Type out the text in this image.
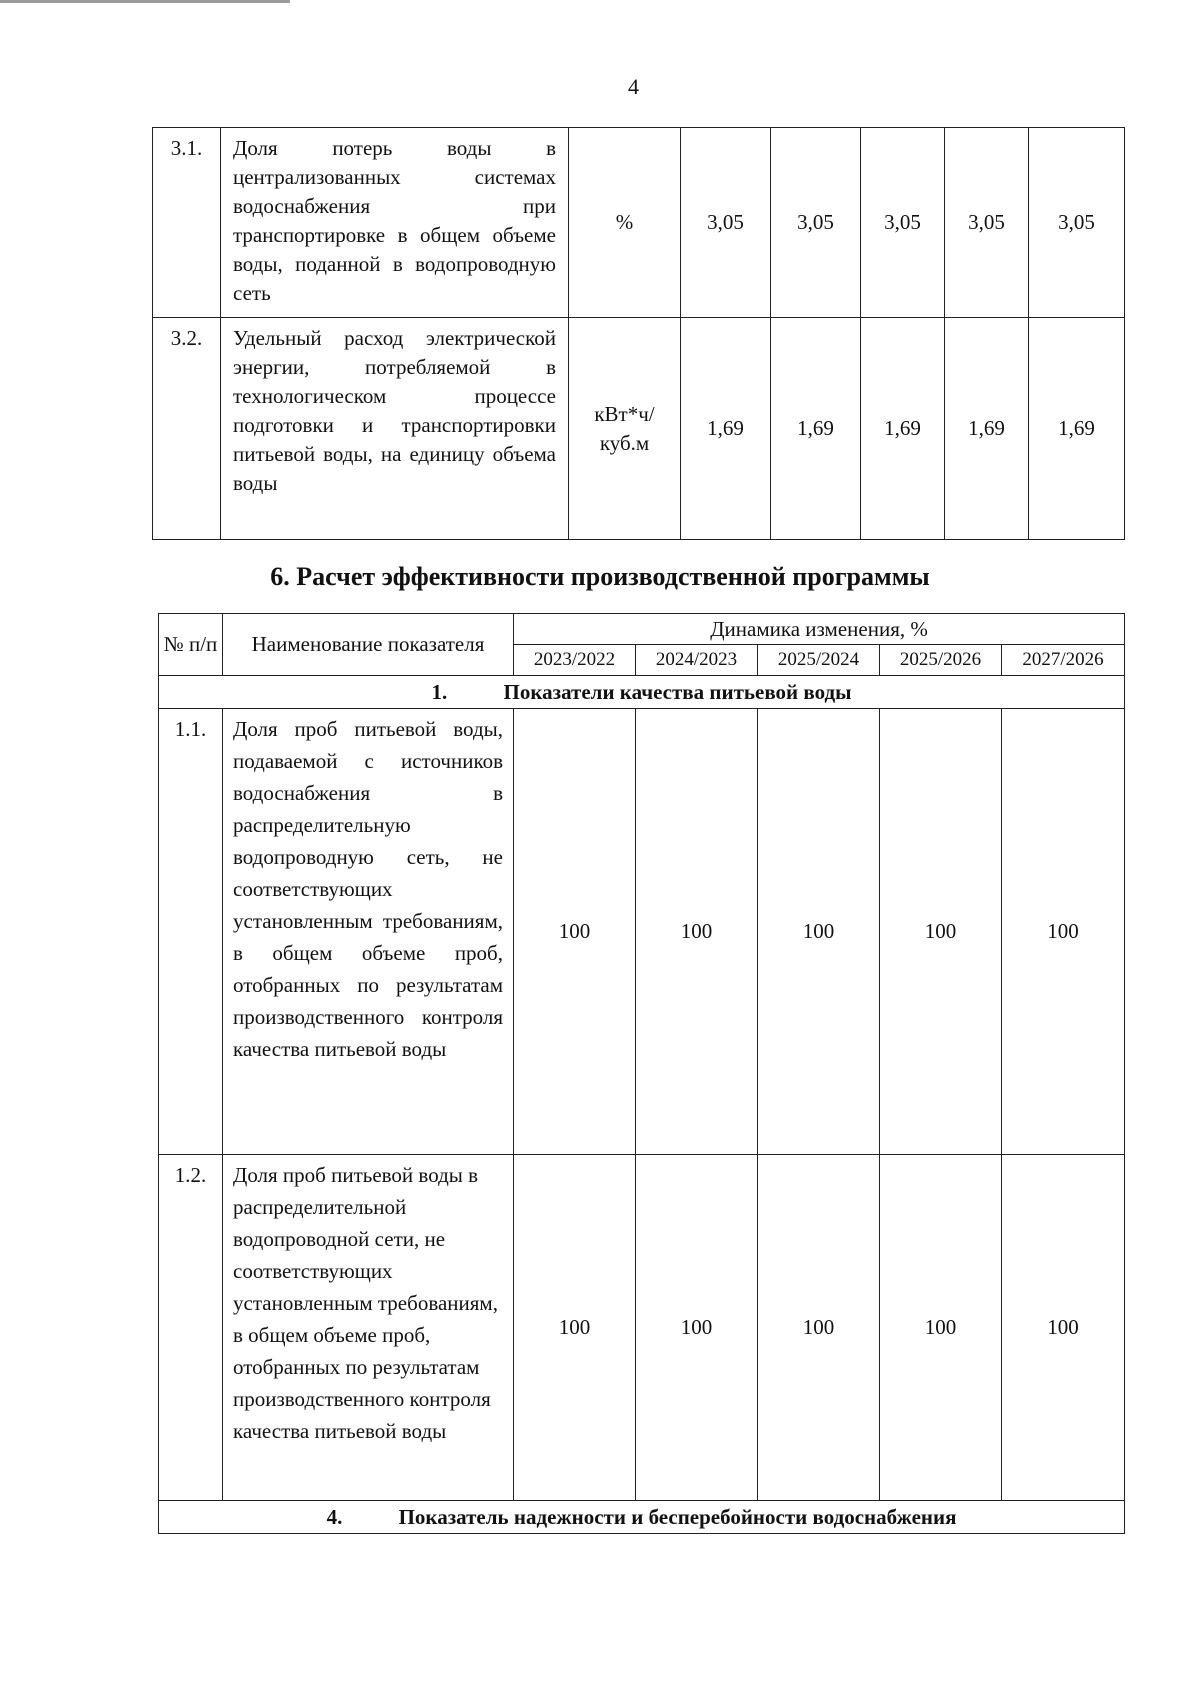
4
3.1.	Доля потерь воды в централизованных системах водоснабжения при транспортировке в общем объеме воды, поданной в водопроводную сеть	%	3,05	3,05	3,05	3,05	3,05
3.2.	Удельный расход электрической энергии, потребляемой в технологическом процессе подготовки и транспортировки питьевой воды, на единицу объема воды	кВт*ч/ куб.м	1,69	1,69	1,69	1,69	1,69
6. Расчет эффективности производственной программы
№ п/п	Наименование показателя	Динамика изменения, %				
		2023/2022	2024/2023	2025/2024	2025/2026	2027/2026
1. Показатели качества питьевой воды						
1.1.	Доля проб питьевой воды, подаваемой с источников водоснабжения в распределительную водопроводную сеть, не соответствующих установленным требованиям, в общем объеме проб, отобранных по результатам производственного контроля качества питьевой воды	100	100	100	100	100
1.2.	Доля проб питьевой воды в распределительной водопроводной сети, не соответствующих установленным требованиям, в общем объеме проб, отобранных по результатам производственного контроля качества питьевой воды	100	100	100	100	100
4. Показатель надежности и бесперебойности водоснабжения						
